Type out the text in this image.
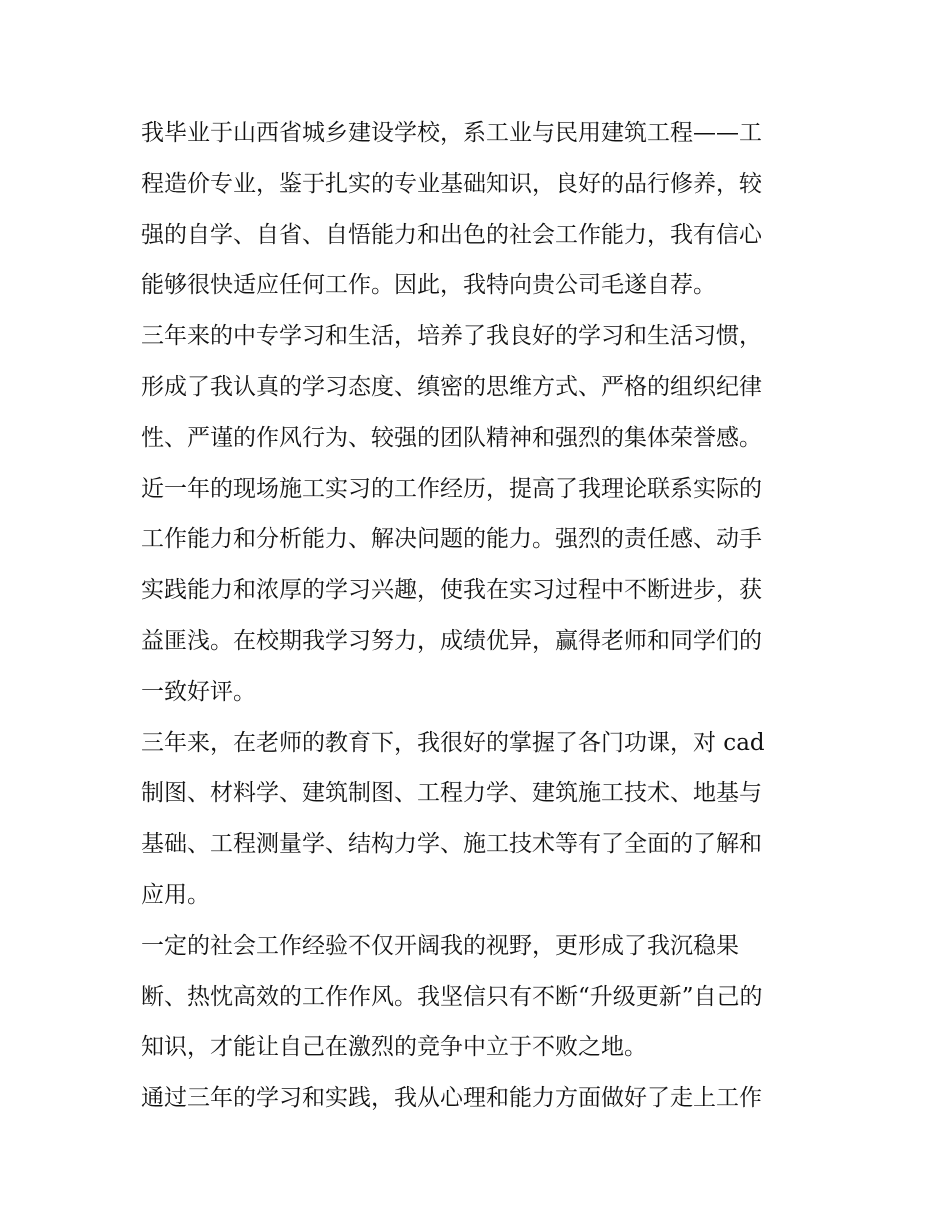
我毕业于山西省城乡建设学校，系工业与民用建筑工程——工

程造价专业，鉴于扎实的专业基础知识，良好的品行修养，较

强的自学、自省、自悟能力和出色的社会工作能力，我有信心

能够很快适应任何工作。因此，我特向贵公司毛遂自荐。

三年来的中专学习和生活，培养了我良好的学习和生活习惯，

形成了我认真的学习态度、缜密的思维方式、严格的组织纪律

性、严谨的作风行为、较强的团队精神和强烈的集体荣誉感。

近一年的现场施工实习的工作经历，提高了我理论联系实际的

工作能力和分析能力、解决问题的能力。强烈的责任感、动手

实践能力和浓厚的学习兴趣，使我在实习过程中不断进步，获

益匪浅。在校期我学习努力，成绩优异，赢得老师和同学们的

一致好评。

三年来，在老师的教育下，我很好的掌握了各门功课，对 cad

制图、材料学、建筑制图、工程力学、建筑施工技术、地基与

基础、工程测量学、结构力学、施工技术等有了全面的了解和

应用。

一定的社会工作经验不仅开阔我的视野，更形成了我沉稳果

断、热忱高效的工作作风。我坚信只有不断“升级更新”自己的

知识，才能让自己在激烈的竞争中立于不败之地。

通过三年的学习和实践，我从心理和能力方面做好了走上工作
